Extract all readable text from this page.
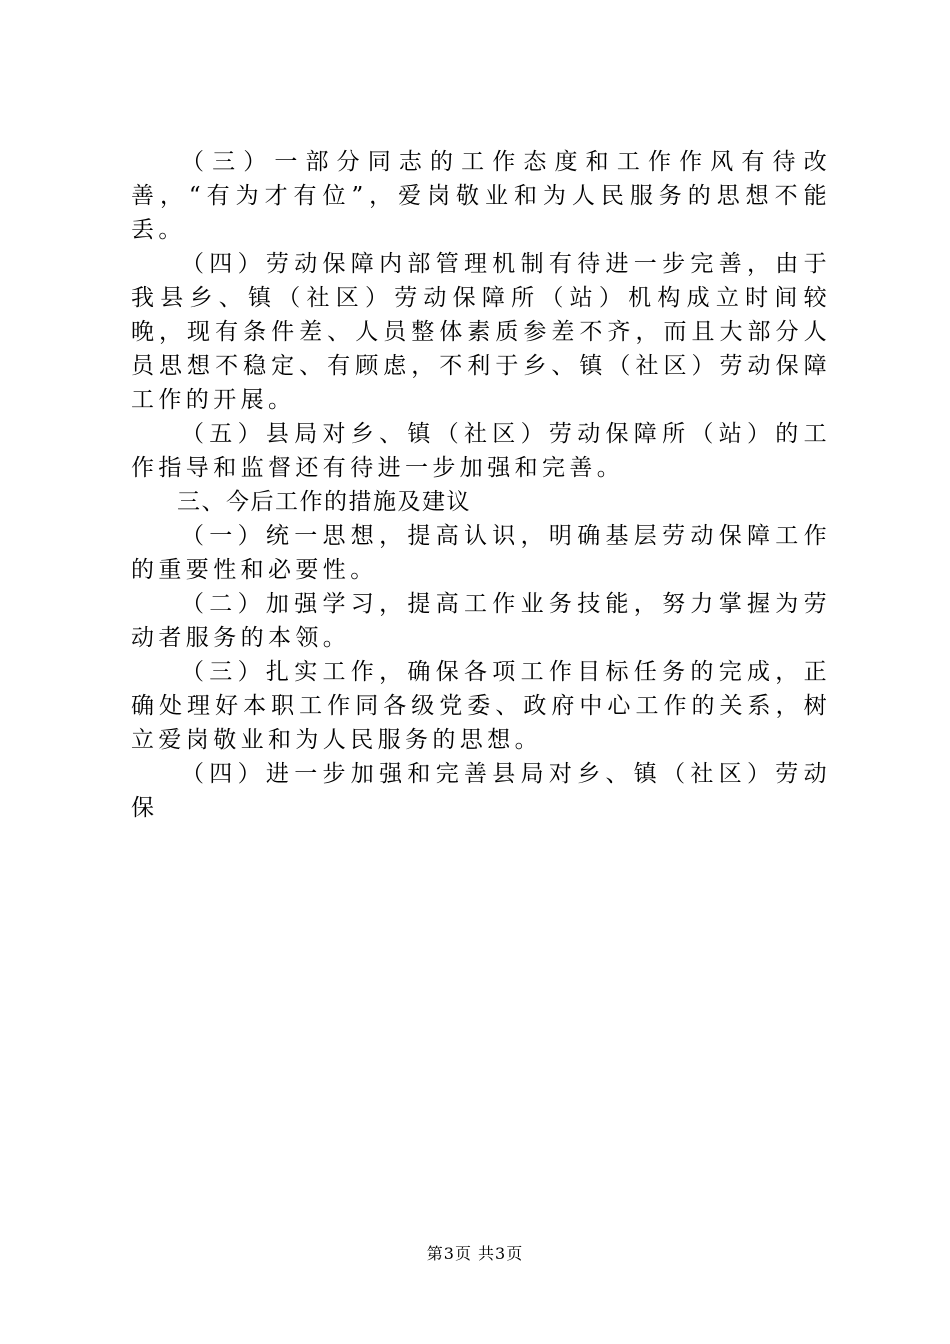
（三）一部分同志的工作态度和工作作风有待改善，“有为才有位”，爱岗敬业和为人民服务的思想不能丢。

（四）劳动保障内部管理机制有待进一步完善，由于我县乡、镇（社区）劳动保障所（站）机构成立时间较晚，现有条件差、人员整体素质参差不齐，而且大部分人员思想不稳定、有顾虑，不利于乡、镇（社区）劳动保障工作的开展。

（五）县局对乡、镇（社区）劳动保障所（站）的工作指导和监督还有待进一步加强和完善。

三、今后工作的措施及建议

（一）统一思想，提高认识，明确基层劳动保障工作的重要性和必要性。

（二）加强学习，提高工作业务技能，努力掌握为劳动者服务的本领。

（三）扎实工作，确保各项工作目标任务的完成，正确处理好本职工作同各级党委、政府中心工作的关系，树立爱岗敬业和为人民服务的思想。

（四）进一步加强和完善县局对乡、镇（社区）劳动保

第3页 共3页
